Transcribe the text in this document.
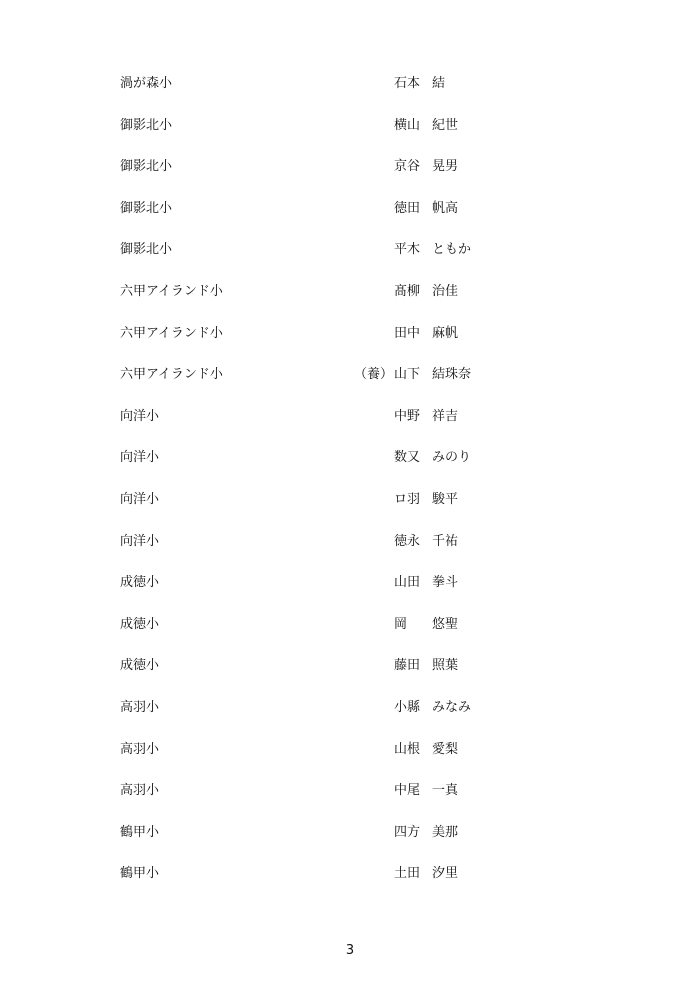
渦が森小	石本 結
御影北小	横山 紀世
御影北小	京谷 晃男
御影北小	徳田 帆高
御影北小	平木 ともか
六甲アイランド小	髙柳 治佳
六甲アイランド小	田中 麻帆
六甲アイランド小	（養） 山下 結珠奈
向洋小	中野 祥吉
向洋小	数又 みのり
向洋小	ロ羽 駿平
向洋小	徳永 千祐
成徳小	山田 拳斗
成徳小	岡 悠聖
成徳小	藤田 照葉
高羽小	小縣 みなみ
高羽小	山根 愛梨
高羽小	中尾 一真
鶴甲小	四方 美那
鶴甲小	土田 汐里
3
